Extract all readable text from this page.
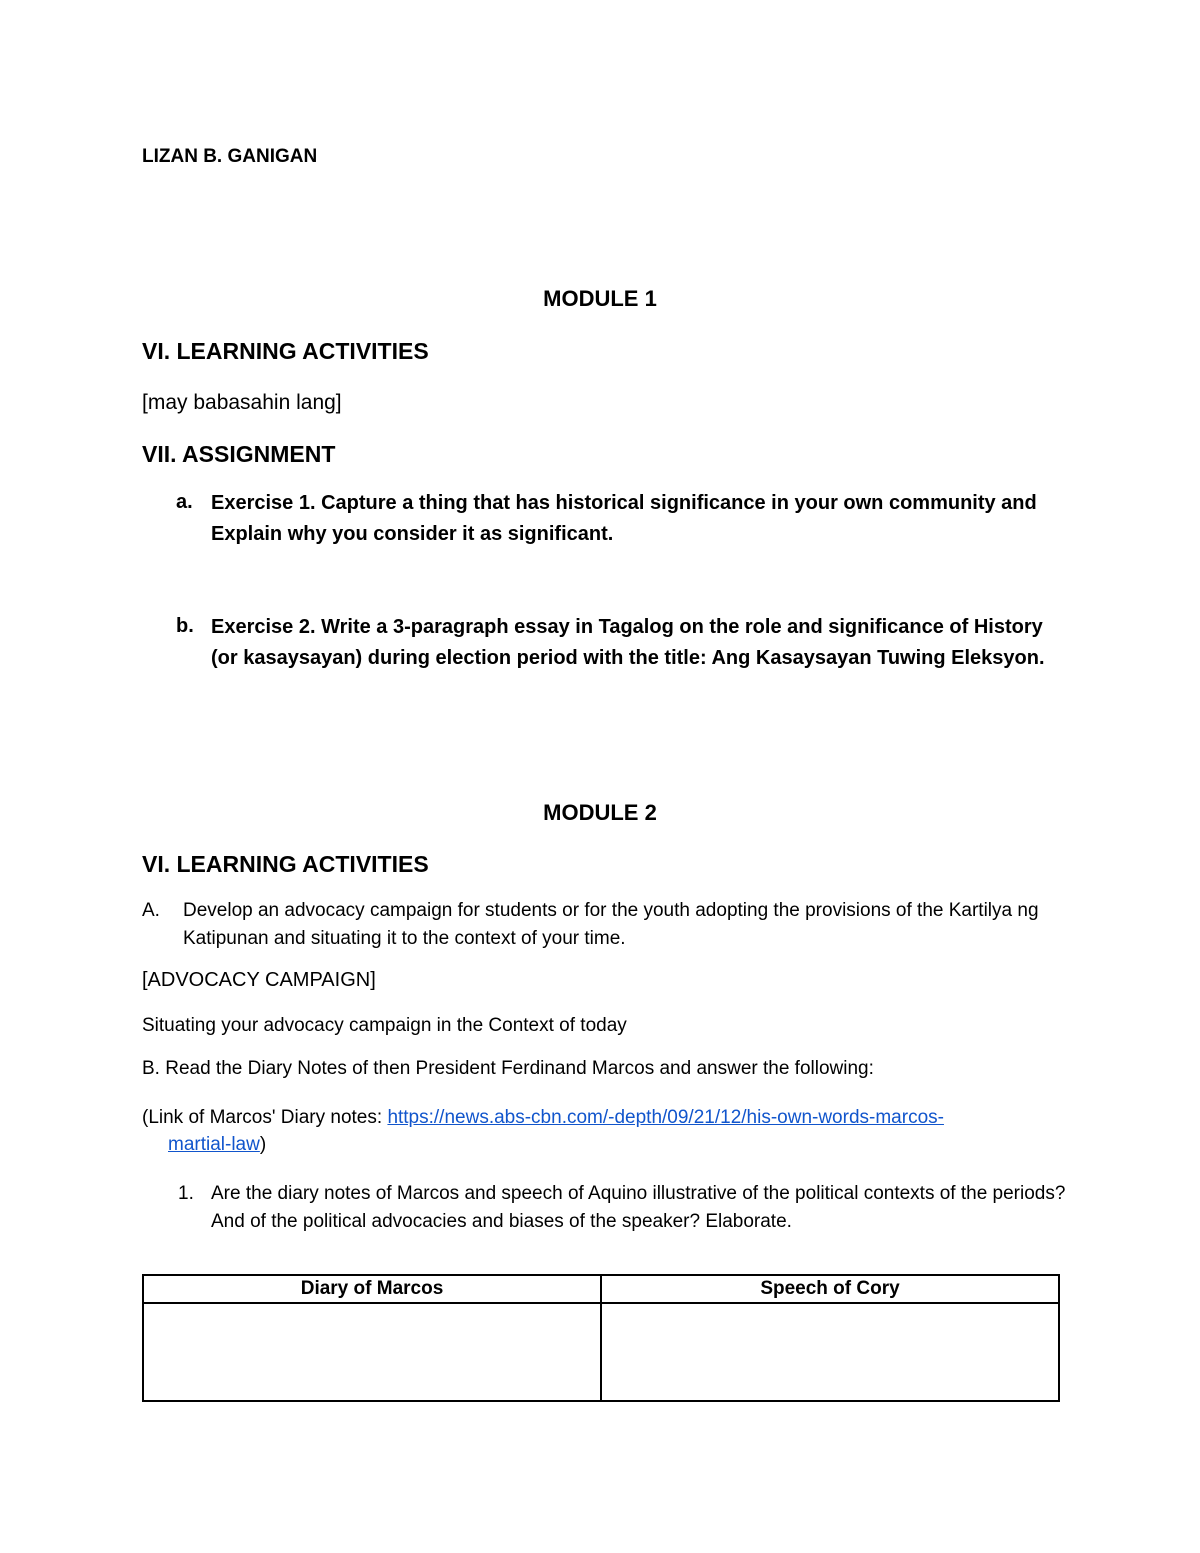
LIZAN B. GANIGAN
MODULE 1
VI. LEARNING ACTIVITIES
[may babasahin lang]
VII. ASSIGNMENT
a. Exercise 1. Capture a thing that has historical significance in your own community and Explain why you consider it as significant.
b. Exercise 2. Write a 3-paragraph essay in Tagalog on the role and significance of History (or kasaysayan) during election period with the title: Ang Kasaysayan Tuwing Eleksyon.
MODULE 2
VI. LEARNING ACTIVITIES
A. Develop an advocacy campaign for students or for the youth adopting the provisions of the Kartilya ng Katipunan and situating it to the context of your time.
[ADVOCACY CAMPAIGN]
Situating your advocacy campaign in the Context of today
B. Read the Diary Notes of then President Ferdinand Marcos and answer the following:
(Link of Marcos' Diary notes: https://news.abs-cbn.com/-depth/09/21/12/his-own-words-marcos-
martial-law)
1. Are the diary notes of Marcos and speech of Aquino illustrative of the political contexts of the periods? And of the political advocacies and biases of the speaker? Elaborate.
Diary of Marcos	Speech of Cory
